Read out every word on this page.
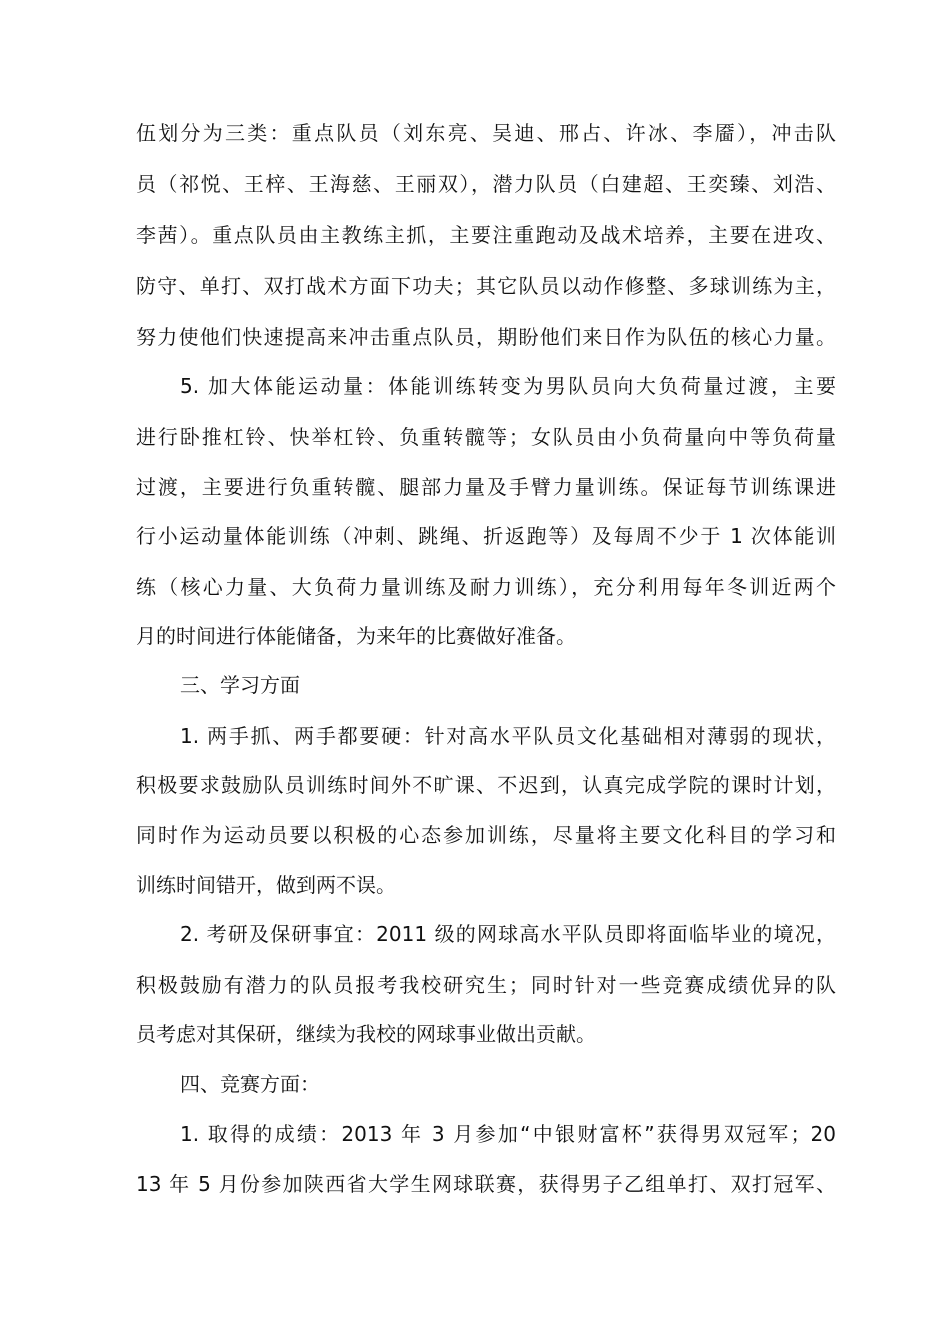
伍划分为三类：重点队员（刘东亮、吴迪、邢占、许冰、李靥），冲击队
员（祁悦、王梓、王海慈、王丽双），潜力队员（白建超、王奕臻、刘浩、
李茜）。重点队员由主教练主抓，主要注重跑动及战术培养，主要在进攻、
防守、单打、双打战术方面下功夫；其它队员以动作修整、多球训练为主，
努力使他们快速提高来冲击重点队员，期盼他们来日作为队伍的核心力量。
5. 加大体能运动量：体能训练转变为男队员向大负荷量过渡，主要
进行卧推杠铃、快举杠铃、负重转髋等；女队员由小负荷量向中等负荷量
过渡，主要进行负重转髋、腿部力量及手臂力量训练。保证每节训练课进
行小运动量体能训练（冲刺、跳绳、折返跑等）及每周不少于 1 次体能训
练（核心力量、大负荷力量训练及耐力训练），充分利用每年冬训近两个
月的时间进行体能储备，为来年的比赛做好准备。
三、学习方面
1. 两手抓、两手都要硬：针对高水平队员文化基础相对薄弱的现状，
积极要求鼓励队员训练时间外不旷课、不迟到，认真完成学院的课时计划，
同时作为运动员要以积极的心态参加训练，尽量将主要文化科目的学习和
训练时间错开，做到两不误。
2. 考研及保研事宜：2011 级的网球高水平队员即将面临毕业的境况，
积极鼓励有潜力的队员报考我校研究生；同时针对一些竞赛成绩优异的队
员考虑对其保研，继续为我校的网球事业做出贡献。
四、竞赛方面：
1. 取得的成绩：2013 年 3 月参加“中银财富杯”获得男双冠军；20
13 年 5 月份参加陕西省大学生网球联赛，获得男子乙组单打、双打冠军、
